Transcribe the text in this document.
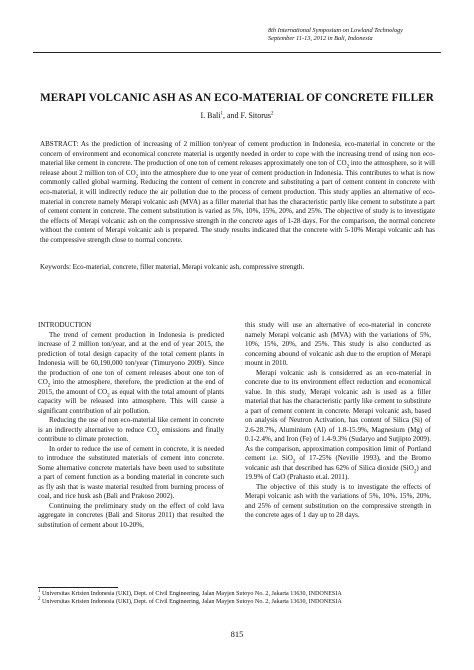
8th International Symposium on Lowland Technology
September 11-13, 2012 in Bali, Indonesia
MERAPI VOLCANIC ASH AS AN ECO-MATERIAL OF CONCRETE FILLER
I. Bali$^1$, and F. Sitorus$^2$
ABSTRACT: As the prediction of increasing of 2 million ton/year of cement production in Indonesia, eco-material in concrete or the concern of environment and economical concrete material is urgently needed in order to cope with the increasing trend of using non eco-material like cement in concrete. The production of one ton of cement releases approximately one ton of $CO_2$ into the atmosphere, so it will release about 2 million ton of $CO_2$ into the atmosphere due to one year of cement production in Indonesia. This contributes to what is now commonly called global warming. Reducing the content of cement in concrete and substituting a part of cement content in concrete with eco-material, it will indirectly reduce the air pollution due to the process of cement production. This study applies an alternative of eco-material in concrete namely Merapi volcanic ash (MVA) as a filler material that has the characteristic partly like cement to substitute a part of cement content in concrete. The cement substitution is varied as 5%, 10%, 15%, 20%, and 25%. The objective of study is to investigate the effects of Merapi volcanic ash on the compressive strength in the concrete ages of 1-28 days. For the comparison, the normal concrete without the content of Merapi volcanic ash is prepared. The study results indicated that the concrete with 5-10% Merapi volcanic ash has the compressive strength close to normal concrete.
Keywords: Eco-material, concrete, filler material, Merapi volcanic ash, compressive strength.

INTRODUCTION

The trend of cement production in Indonesia is predicted increase of 2 million ton/year, and at the end of year 2015, the prediction of total design capacity of the total cement plants in Indonesia will be 60,190,000 ton/year (Timuryono 2009). Since the production of one ton of cement releases about one ton of $CO_2$ into the atmosphere, therefore, the prediction at the end of 2015, the amount of $CO_2$ as equal with the total amount of plants capacity will be released into atmosphere. This will cause a significant contribution of air pollution.

Reducing the use of non eco-material like cement in concrete is an indirectly alternative to reduce $CO_2$ emissions and finally contribute to climate protection.

In order to reduce the use of cement in concrete, it is needed to introduce the substituted materials of cement into concrete. Some alternative concrete materials have been used to substitute a part of cement function as a bonding material in concrete such as fly ash that is waste material resulted from burning process of coal, and rice husk ash (Bali and Prakoso 2002).

Continuing the preliminary study on the effect of cold lava aggregate in concretes (Bali and Sitorus 2011) that resulted the substitution of cement about 10-20%,

this study will use an alternative of eco-material in concrete namely Merapi volcanic ash (MVA) with the variations of 5%, 10%, 15%, 20%, and 25%. This study is also conducted as concerning abound of volcanic ash due to the eruption of Merapi mount in 2010.

Merapi volcanic ash is considerred as an eco-material in concrete due to its environment effect reduction and economical value. In this study, Merapi volcanic ash is used as a filler material that has the characteristic partly like cement to substitute a part of cement content in concrete. Merapi volcanic ash, based on analysis of Neutron Activation, has content of Silica (Si) of 2.6-28.7%, Aluminium (Al) of 1.8-15.9%, Magnesium (Mg) of 0.1-2.4%, and Iron (Fe) of 1.4-9.3% (Sudaryo and Sutjipto 2009). As the comparison, approximation composition limit of Portland cement i.e. SiO$_2$ of 17-25% (Neville 1993), and the Bromo volcanic ash that described has 62% of Silica dioxide (SiO$_2$) and 19.9% of CaO (Prahasto et.al. 2011).

The objective of this study is to investigate the effects of Merapi volcanic ash with the variations of 5%, 10%, 15%, 20%, and 25% of cement substitution on the compressive strength in the concrete ages of 1 day up to 28 days.

$^1$ Universitas Kristen Indonesia (UKI), Dept. of Civil Engineering, Jalan Mayjen Sutoyo No. 2, Jakarta 13630, INDONESIA
$^2$ Universitas Kristen Indonesia (UKI), Dept. of Civil Engineering, Jalan Mayjen Sutoyo No. 2, Jakarta 13630, INDONESIA
815
